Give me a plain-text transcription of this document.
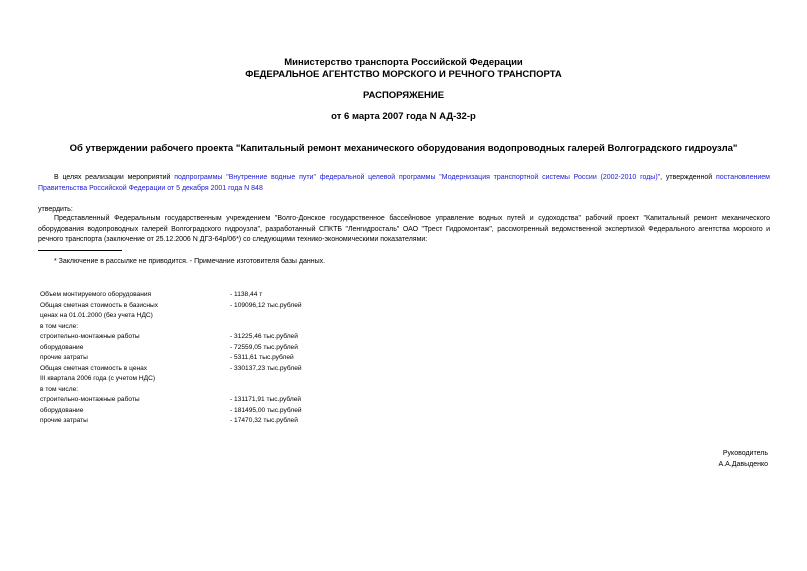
Министерство транспорта Российской Федерации
ФЕДЕРАЛЬНОЕ АГЕНТСТВО МОРСКОГО И РЕЧНОГО ТРАНСПОРТА
РАСПОРЯЖЕНИЕ
от 6 марта 2007 года N АД-32-р
Об утверждении рабочего проекта "Капитальный ремонт механического оборудования водопроводных галерей Волгоградского гидроузла"
В целях реализации мероприятий подпрограммы "Внутренние водные пути" федеральной целевой программы "Модернизация транспортной системы России (2002-2010 годы)", утвержденной постановлением Правительства Российской Федерации от 5 декабря 2001 года N 848
утвердить:
Представленный Федеральным государственным учреждением "Волго-Донское государственное бассейновое управление водных путей и судоходства" рабочий проект "Капитальный ремонт механического оборудования водопроводных галерей Волгоградского гидроузла", разработанный СПКТБ "Ленгидросталь" ОАО "Трест Гидромонтаж", рассмотренный ведомственной экспертизой Федерального агентства морского и речного транспорта (заключение от 25.12.2006 N ДГЗ-64р/06*) со следующими технико-экономическими показателями:
* Заключение в рассылке не приводится. - Примечание изготовителя базы данных.
Объем монтируемого оборудования	- 1138,44 т
Общая сметная стоимость в базисных	- 109096,12 тыс.рублей
ценах на 01.01.2000 (без учета НДС)
в том числе:
строительно-монтажные работы	- 31225,46 тыс.рублей
оборудование	- 72559,05 тыс.рублей
прочие затраты	- 5311,61 тыс.рублей
Общая сметная стоимость в ценах	- 330137,23 тыс.рублей
III квартала 2006 года (с учетом НДС)
в том числе:
строительно-монтажные работы	- 131171,91 тыс.рублей
оборудование	- 181495,00 тыс.рублей
прочие затраты	- 17470,32 тыс.рублей
Руководитель
А.А.Давыденко
